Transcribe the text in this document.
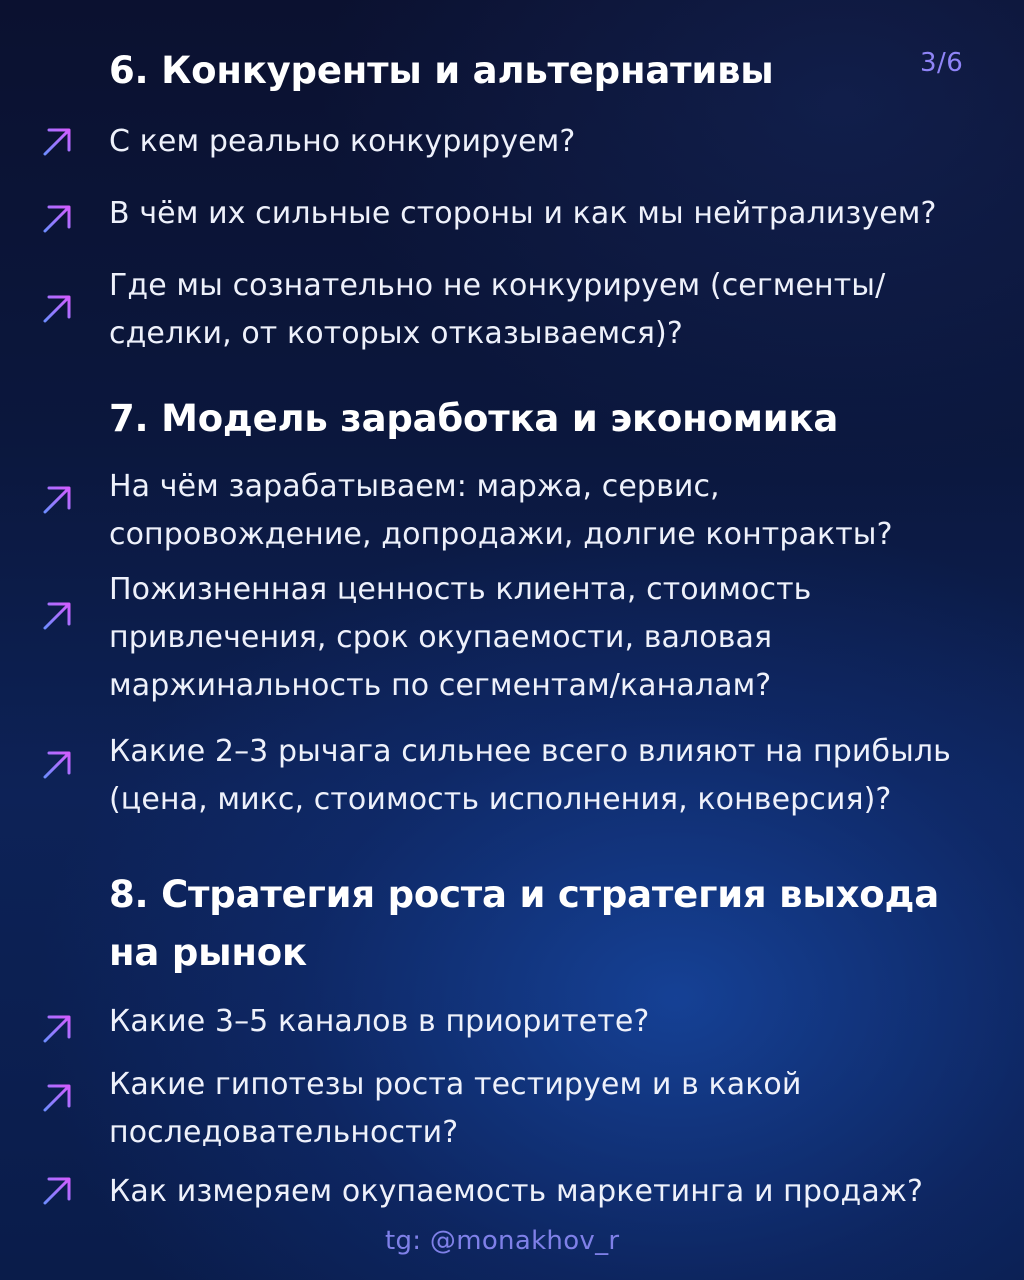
3/6
6. Конкуренты и альтернативы

С кем реально конкурируем?

В чём их сильные стороны и как мы нейтрализуем?

Где мы сознательно не конкурируем (сегменты/

сделки, от которых отказываемся)?

7. Модель заработка и экономика

На чём зарабатываем: маржа, сервис,

сопровождение, допродажи, долгие контракты?

Пожизненная ценность клиента, стоимость

привлечения, срок окупаемости, валовая

маржинальность по сегментам/каналам?

Какие 2–3 рычага сильнее всего влияют на прибыль

(цена, микс, стоимость исполнения, конверсия)?

8. Стратегия роста и стратегия выхода
на рынок

Какие 3–5 каналов в приоритете?

Какие гипотезы роста тестируем и в какой

последовательности?

Как измеряем окупаемость маркетинга и продаж?

tg: @monakhov_r
